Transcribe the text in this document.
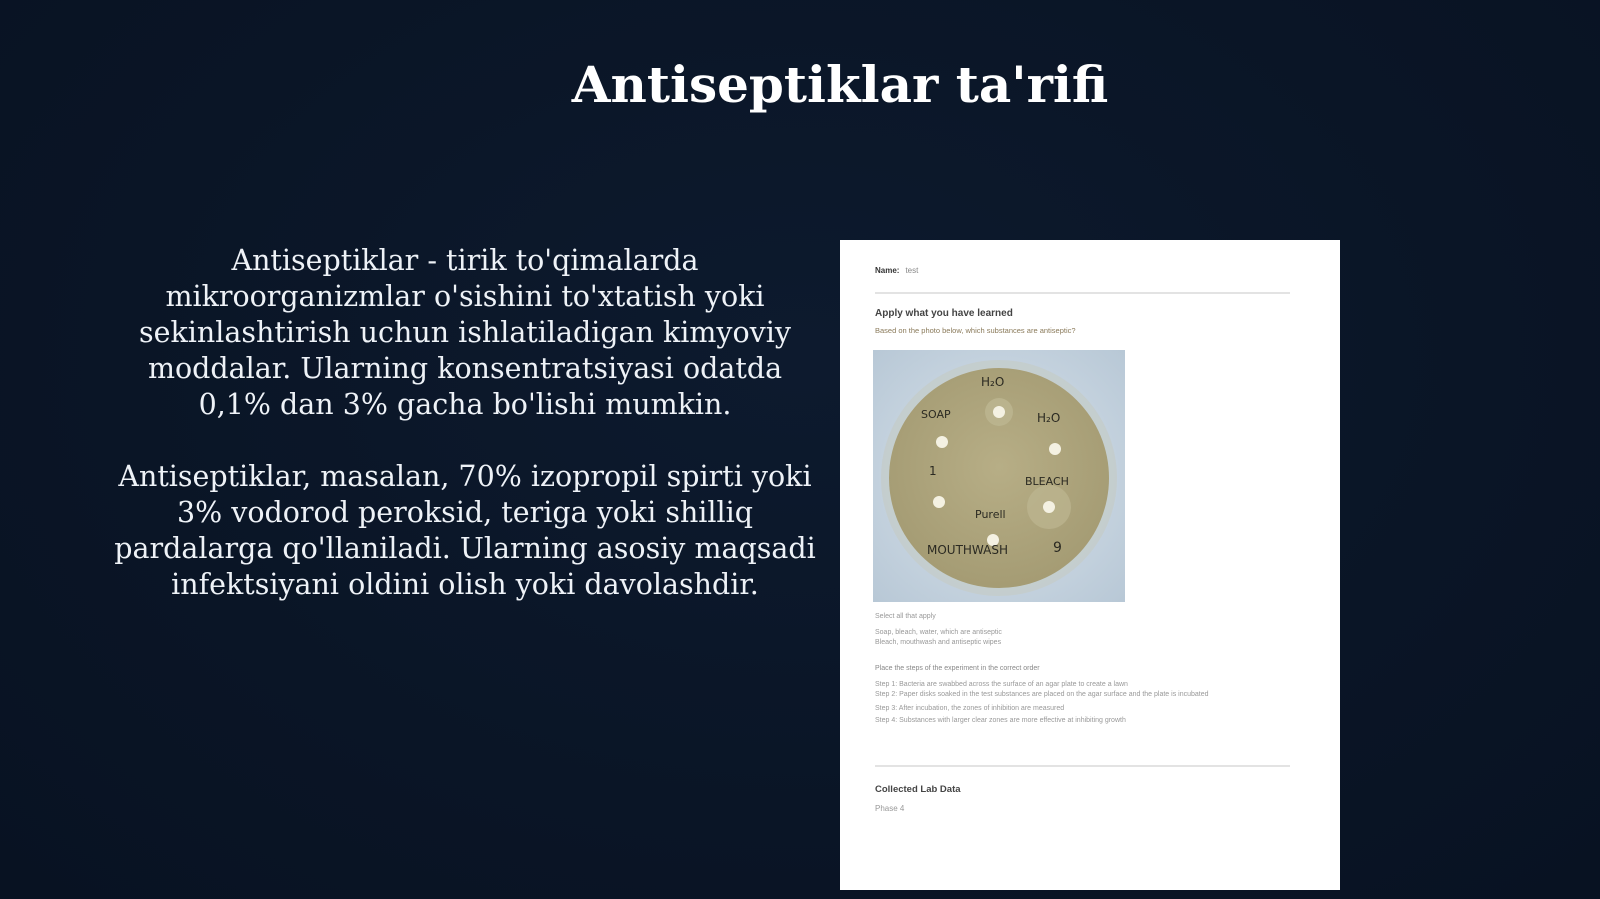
Antiseptiklar ta'rifi

Antiseptiklar - tirik to'qimalarda mikroorganizmlar o'sishini to'xtatish yoki sekinlashtirish uchun ishlatiladigan kimyoviy moddalar. Ularning konsentratsiyasi odatda 0,1% dan 3% gacha bo'lishi mumkin.

Antiseptiklar, masalan, 70% izopropil spirti yoki 3% vodorod peroksid, teriga yoki shilliq pardalarga qo'llaniladi. Ularning asosiy maqsadi infektsiyani oldini olish yoki davolashdir.

Name: test
Apply what you have learned
Based on the photo below, which substances are antiseptic?
H₂O
SOAP	H₂O
1
BLEACH
Purell
MOUTHWASH	9
Select all that apply
Soap, bleach, water, which are antiseptic
Bleach, mouthwash and antiseptic wipes
Place the steps of the experiment in the correct order
Step 1: Bacteria are swabbed across the surface of an agar plate to create a lawn
Step 2: Paper disks soaked in the test substances are placed on the agar surface and the plate is incubated
Step 3: After incubation, the zones of inhibition are measured
Step 4: Substances with larger clear zones are more effective at inhibiting growth
Collected Lab Data
Phase 4
